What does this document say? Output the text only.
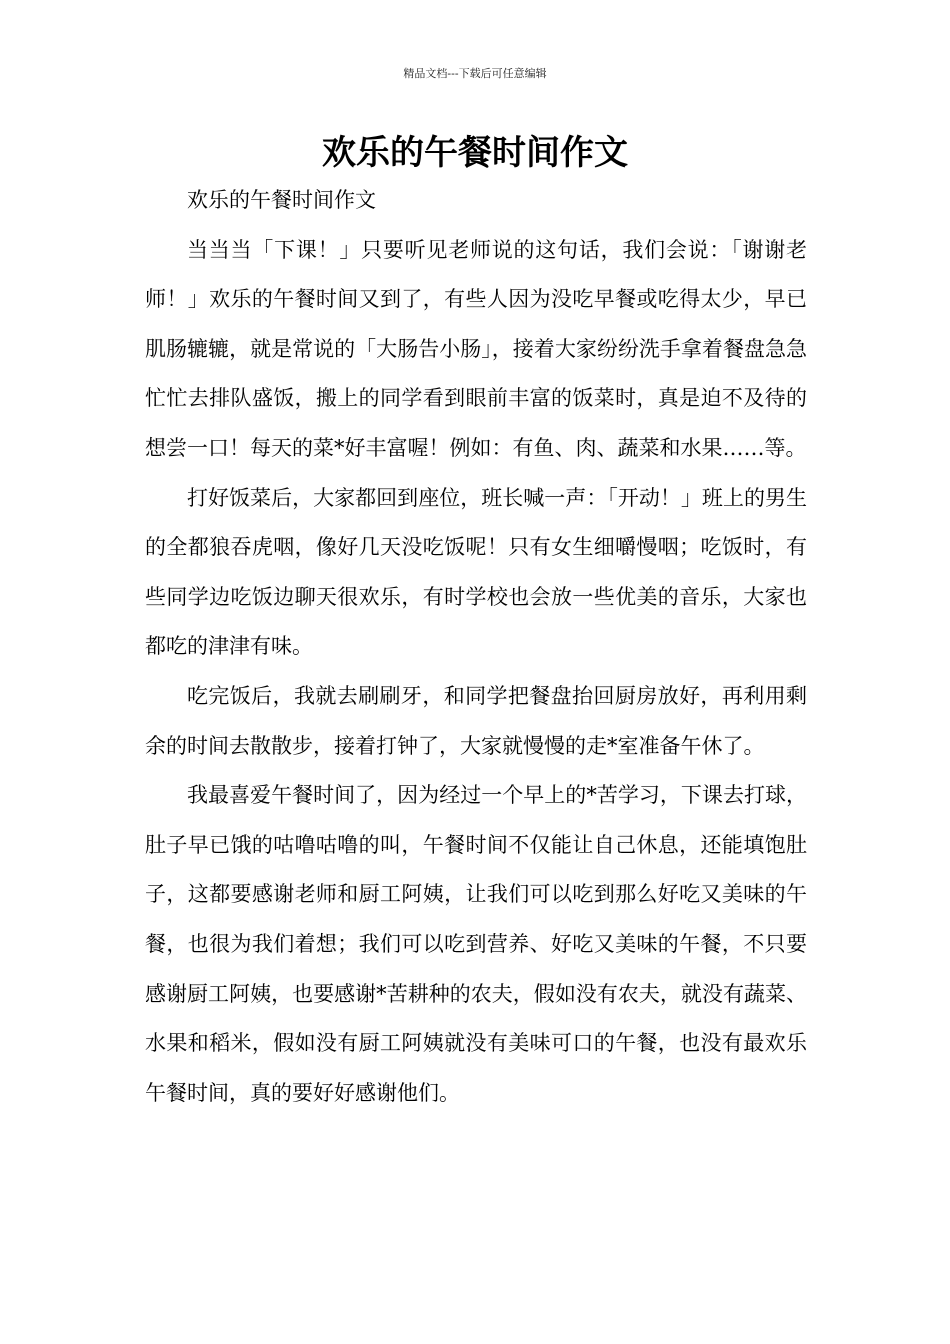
精品文档---下载后可任意编辑
欢乐的午餐时间作文

欢乐的午餐时间作文

当当当「下课！」只要听见老师说的这句话，我们会说：「谢谢老师！」欢乐的午餐时间又到了，有些人因为没吃早餐或吃得太少，早已肌肠辘辘，就是常说的「大肠告小肠」，接着大家纷纷洗手拿着餐盘急急忙忙去排队盛饭，搬上的同学看到眼前丰富的饭菜时，真是迫不及待的想尝一口！每天的菜*好丰富喔！例如：有鱼、肉、蔬菜和水果……等。

打好饭菜后，大家都回到座位，班长喊一声：「开动！」班上的男生的全都狼吞虎咽，像好几天没吃饭呢！只有女生细嚼慢咽；吃饭时，有些同学边吃饭边聊天很欢乐，有时学校也会放一些优美的音乐，大家也都吃的津津有味。

吃完饭后，我就去刷刷牙，和同学把餐盘抬回厨房放好，再利用剩余的时间去散散步，接着打钟了，大家就慢慢的走*室准备午休了。

我最喜爱午餐时间了，因为经过一个早上的*苦学习，下课去打球，肚子早已饿的咕噜咕噜的叫，午餐时间不仅能让自己休息，还能填饱肚子，这都要感谢老师和厨工阿姨，让我们可以吃到那么好吃又美味的午餐，也很为我们着想；我们可以吃到营养、好吃又美味的午餐，不只要感谢厨工阿姨，也要感谢*苦耕种的农夫，假如没有农夫，就没有蔬菜、水果和稻米，假如没有厨工阿姨就没有美味可口的午餐，也没有最欢乐午餐时间，真的要好好感谢他们。
